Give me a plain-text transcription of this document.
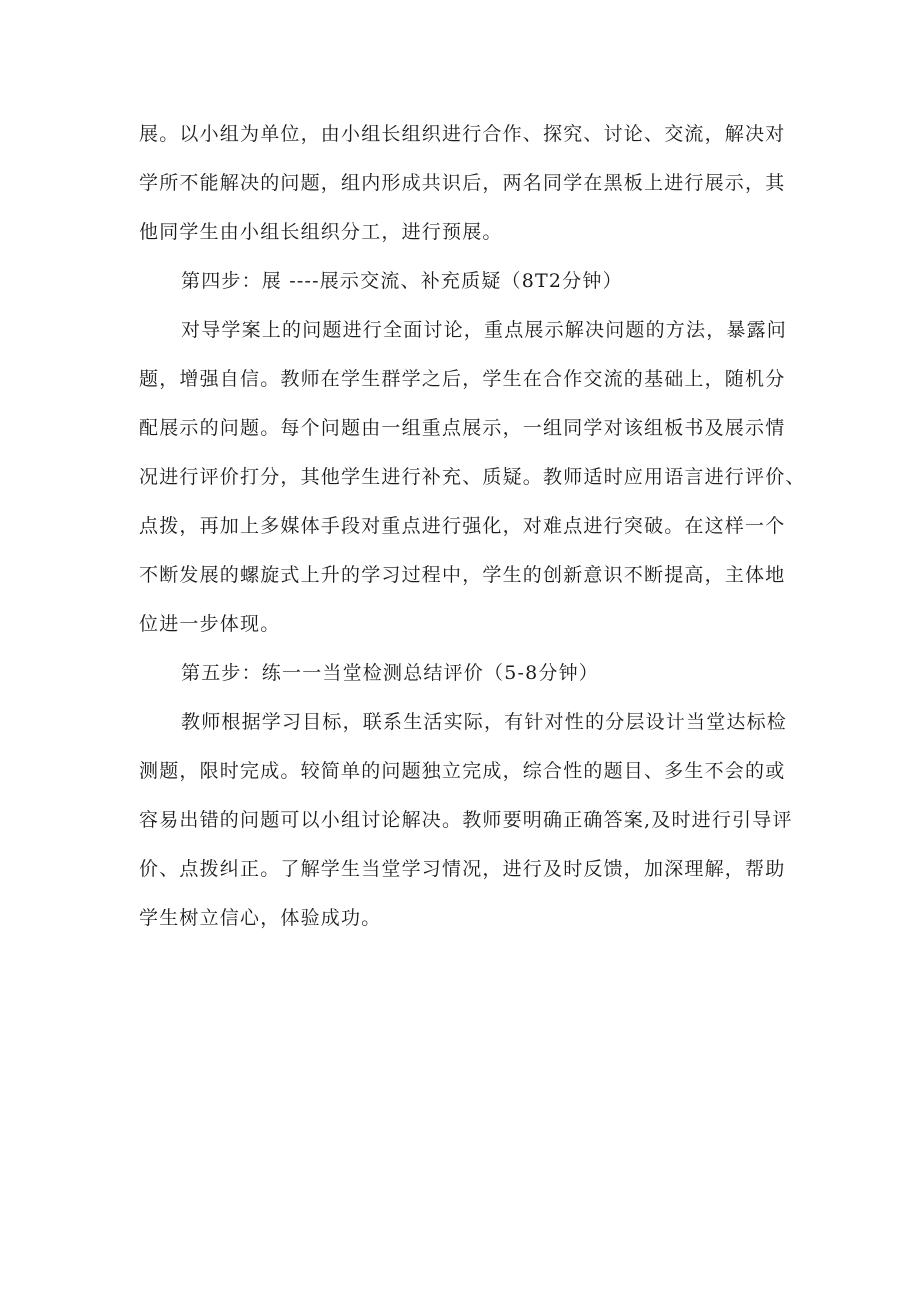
展。以小组为单位，由小组长组织进行合作、探究、讨论、交流，解决对
学所不能解决的问题，组内形成共识后，两名同学在黑板上进行展示，其
他同学生由小组长组织分工，进行预展。
第四步：展 ----展示交流、补充质疑（8T2分钟）
对导学案上的问题进行全面讨论，重点展示解决问题的方法，暴露问
题，增强自信。教师在学生群学之后，学生在合作交流的基础上，随机分
配展示的问题。每个问题由一组重点展示，一组同学对该组板书及展示情
况进行评价打分，其他学生进行补充、质疑。教师适时应用语言进行评价、
点拨，再加上多媒体手段对重点进行强化，对难点进行突破。在这样一个
不断发展的螺旋式上升的学习过程中，学生的创新意识不断提高，主体地
位进一步体现。
第五步：练一一当堂检测总结评价（5-8分钟）
教师根据学习目标，联系生活实际，有针对性的分层设计当堂达标检
测题，限时完成。较简单的问题独立完成，综合性的题目、多生不会的或
容易出错的问题可以小组讨论解决。教师要明确正确答案,及时进行引导评
价、点拨纠正。了解学生当堂学习情况，进行及时反馈，加深理解，帮助
学生树立信心，体验成功。
